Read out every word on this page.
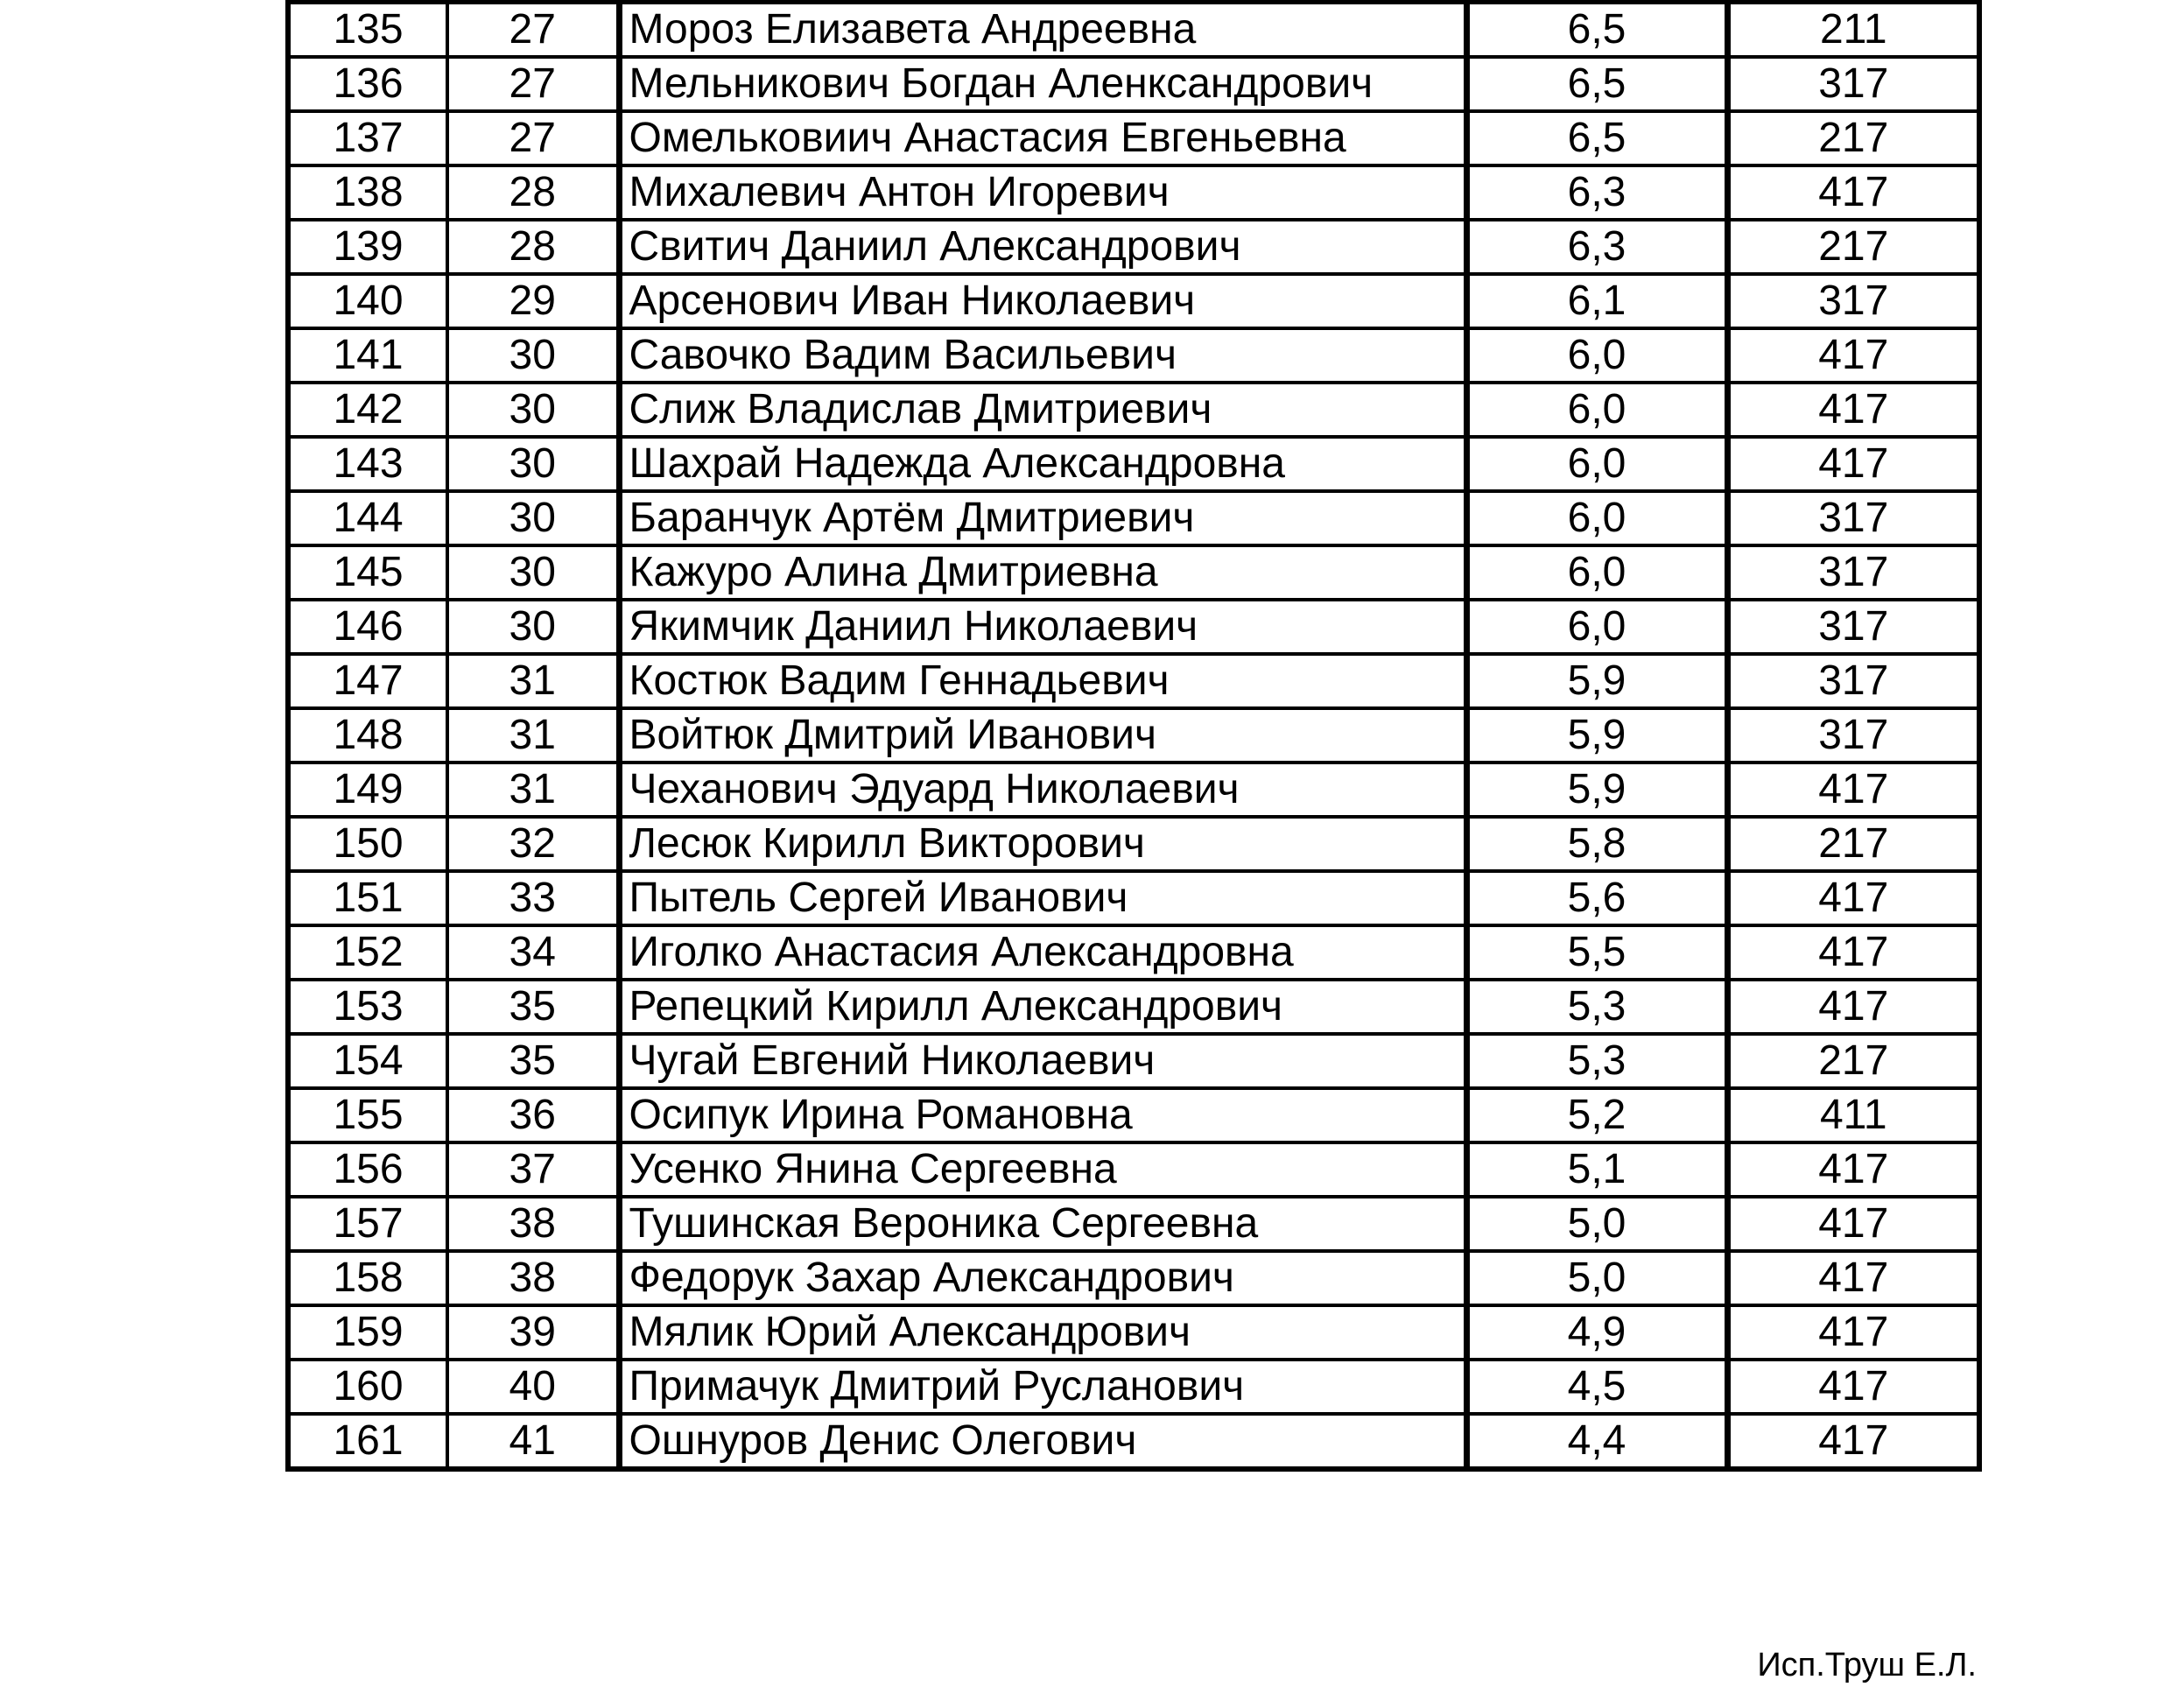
135	27	Мороз Елизавета Андреевна	6,5	211
136	27	Мельникович Богдан Аленксандрович	6,5	317
137	27	Омельковиич Анастасия Евгеньевна	6,5	217
138	28	Михалевич Антон Игоревич	6,3	417
139	28	Свитич Даниил Александрович	6,3	217
140	29	Арсенович Иван Николаевич	6,1	317
141	30	Савочко Вадим Васильевич	6,0	417
142	30	Слиж Владислав Дмитриевич	6,0	417
143	30	Шахрай Надежда Александровна	6,0	417
144	30	Баранчук Артём Дмитриевич	6,0	317
145	30	Кажуро Алина Дмитриевна	6,0	317
146	30	Якимчик Даниил Николаевич	6,0	317
147	31	Костюк Вадим Геннадьевич	5,9	317
148	31	Войтюк Дмитрий Иванович	5,9	317
149	31	Чеханович Эдуард Николаевич	5,9	417
150	32	Лесюк Кирилл Викторович	5,8	217
151	33	Пытель Сергей Иванович	5,6	417
152	34	Иголко Анастасия Александровна	5,5	417
153	35	Репецкий Кирилл Александрович	5,3	417
154	35	Чугай Евгений Николаевич	5,3	217
155	36	Осипук Ирина Романовна	5,2	411
156	37	Усенко Янина Сергеевна	5,1	417
157	38	Тушинская Вероника Сергеевна	5,0	417
158	38	Федорук Захар Александрович	5,0	417
159	39	Мялик Юрий Александрович	4,9	417
160	40	Примачук Дмитрий Русланович	4,5	417
161	41	Ошнуров Денис Олегович	4,4	417
Исп.Труш Е.Л.
